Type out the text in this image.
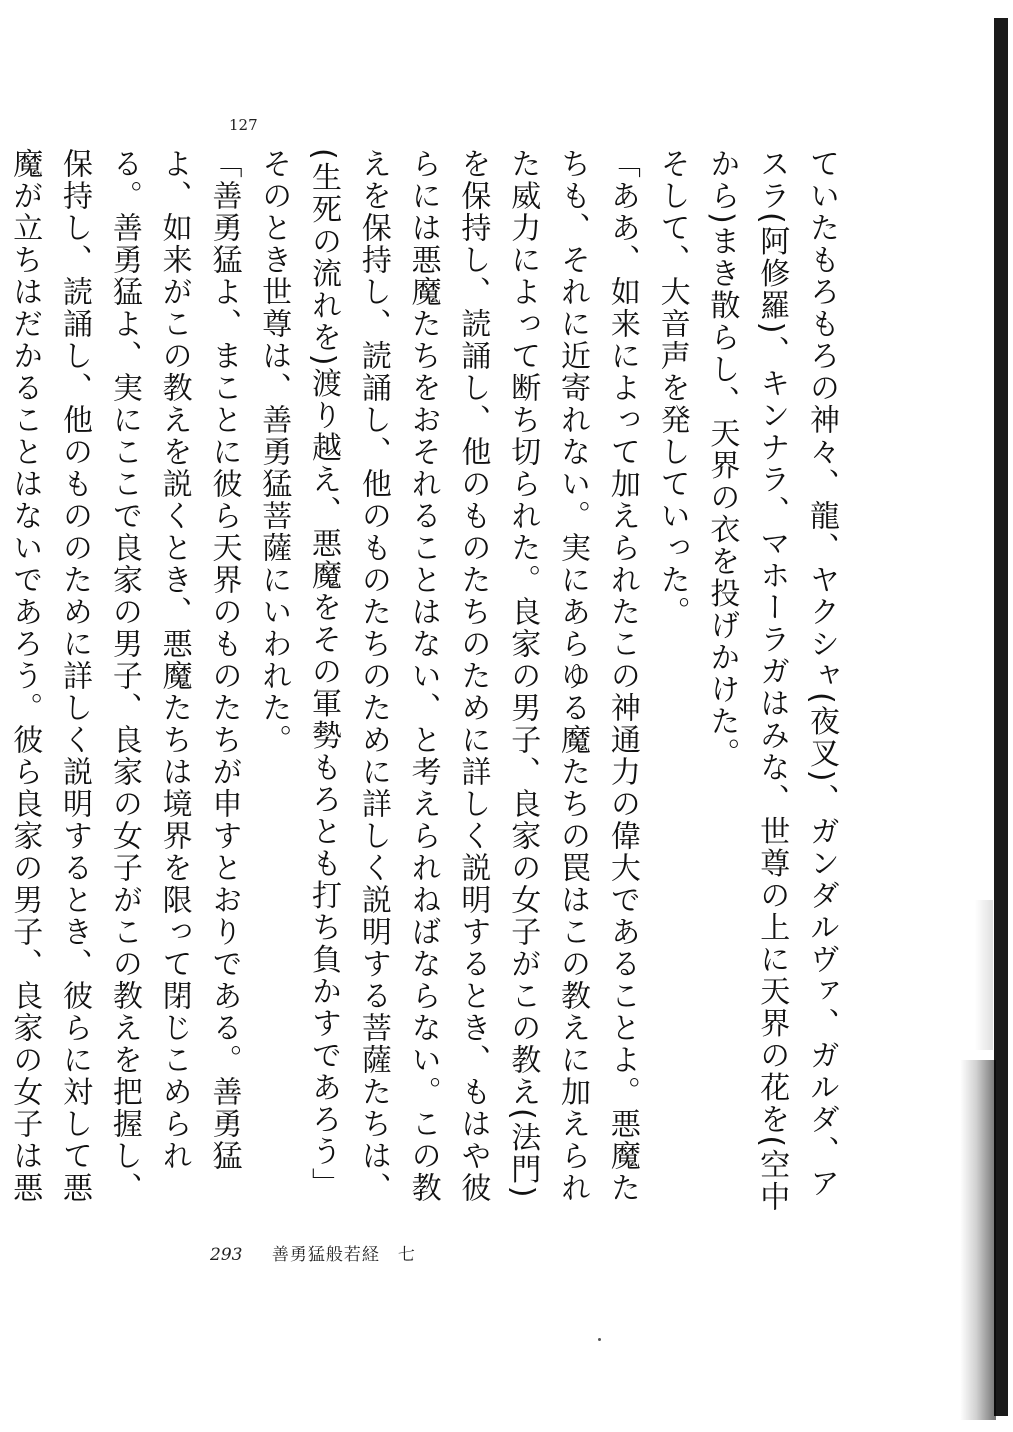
127

ていたもろもろの神々、龍、ヤクシャ(夜叉)、ガンダルヴァ、ガルダ、アスラ(阿修羅)、キンナラ、マホーラガはみな、世尊の上に天界の花を(空中から)まき散らし、天界の衣を投げかけた。

そして、大音声を発していった。

「ああ、如来によって加えられたこの神通力の偉大であることよ。悪魔たちも、それに近寄れない。実にあらゆる魔たちの罠はこの教えに加えられた威力によって断ち切られた。良家の男子、良家の女子がこの教え(法門)を保持し、読誦し、他のものたちのために詳しく説明するとき、もはや彼らには悪魔たちをおそれることはない、と考えられねばならない。この教えを保持し、読誦し、他のものたちのために詳しく説明する菩薩たちは、(生死の流れを)渡り越え、悪魔をその軍勢もろとも打ち負かすであろう」

そのとき世尊は、善勇猛菩薩にいわれた。

「善勇猛よ、まことに彼ら天界のものたちが申すとおりである。善勇猛よ、如来がこの教えを説くとき、悪魔たちは境界を限って閉じこめられる。善勇猛よ、実にここで良家の男子、良家の女子がこの教えを把握し、保持し、読誦し、他のもののために詳しく説明するとき、彼らに対して悪魔が立ちはだかることはないであろう。彼ら良家の男子、良家の女子は悪

293 善勇猛般若経　七
